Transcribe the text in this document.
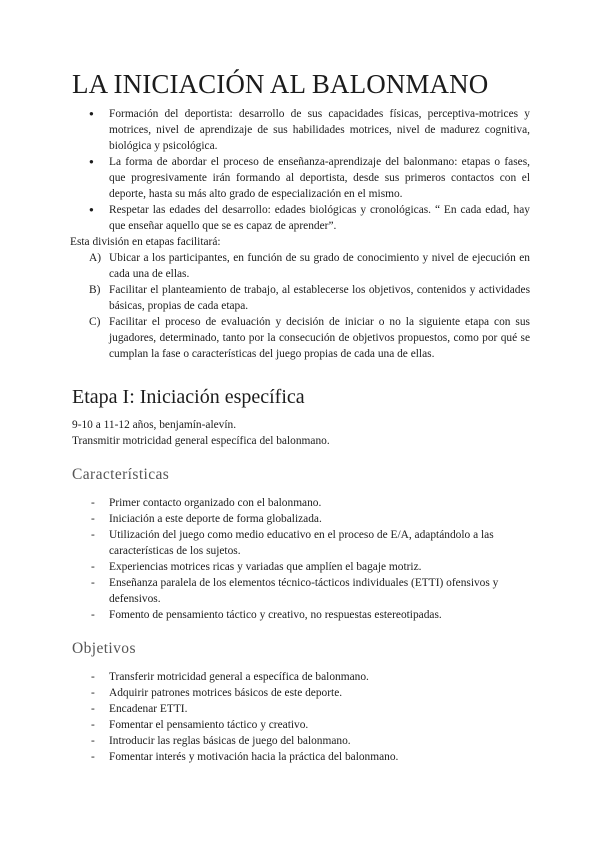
LA INICIACIÓN AL BALONMANO
● Formación del deportista: desarrollo de sus capacidades físicas, perceptiva-motrices y motrices, nivel de aprendizaje de sus habilidades motrices, nivel de madurez cognitiva, biológica y psicológica.
● La forma de abordar el proceso de enseñanza-aprendizaje del balonmano: etapas o fases, que progresivamente irán formando al deportista, desde sus primeros contactos con el deporte, hasta su más alto grado de especialización en el mismo.
● Respetar las edades del desarrollo: edades biológicas y cronológicas. “ En cada edad, hay que enseñar aquello que se es capaz de aprender”.

Esta división en etapas facilitará:

A) Ubicar a los participantes, en función de su grado de conocimiento y nivel de ejecución en cada una de ellas.
B) Facilitar el planteamiento de trabajo, al establecerse los objetivos, contenidos y actividades básicas, propias de cada etapa.
C) Facilitar el proceso de evaluación y decisión de iniciar o no la siguiente etapa con sus jugadores, determinado, tanto por la consecución de objetivos propuestos, como por qué se cumplan la fase o características del juego propias de cada una de ellas.
Etapa I: Iniciación específica

9-10 a 11-12 años, benjamín-alevín.

Transmitir motricidad general específica del balonmano.

Características
- Primer contacto organizado con el balonmano.
- Iniciación a este deporte de forma globalizada.
- Utilización del juego como medio educativo en el proceso de E/A, adaptándolo a las características de los sujetos.
- Experiencias motrices ricas y variadas que amplíen el bagaje motriz.
- Enseñanza paralela de los elementos técnico-tácticos individuales (ETTI) ofensivos y defensivos.
- Fomento de pensamiento táctico y creativo, no respuestas estereotipadas.
Objetivos
- Transferir motricidad general a específica de balonmano.
- Adquirir patrones motrices básicos de este deporte.
- Encadenar ETTI.
- Fomentar el pensamiento táctico y creativo.
- Introducir las reglas básicas de juego del balonmano.
- Fomentar interés y motivación hacia la práctica del balonmano.
